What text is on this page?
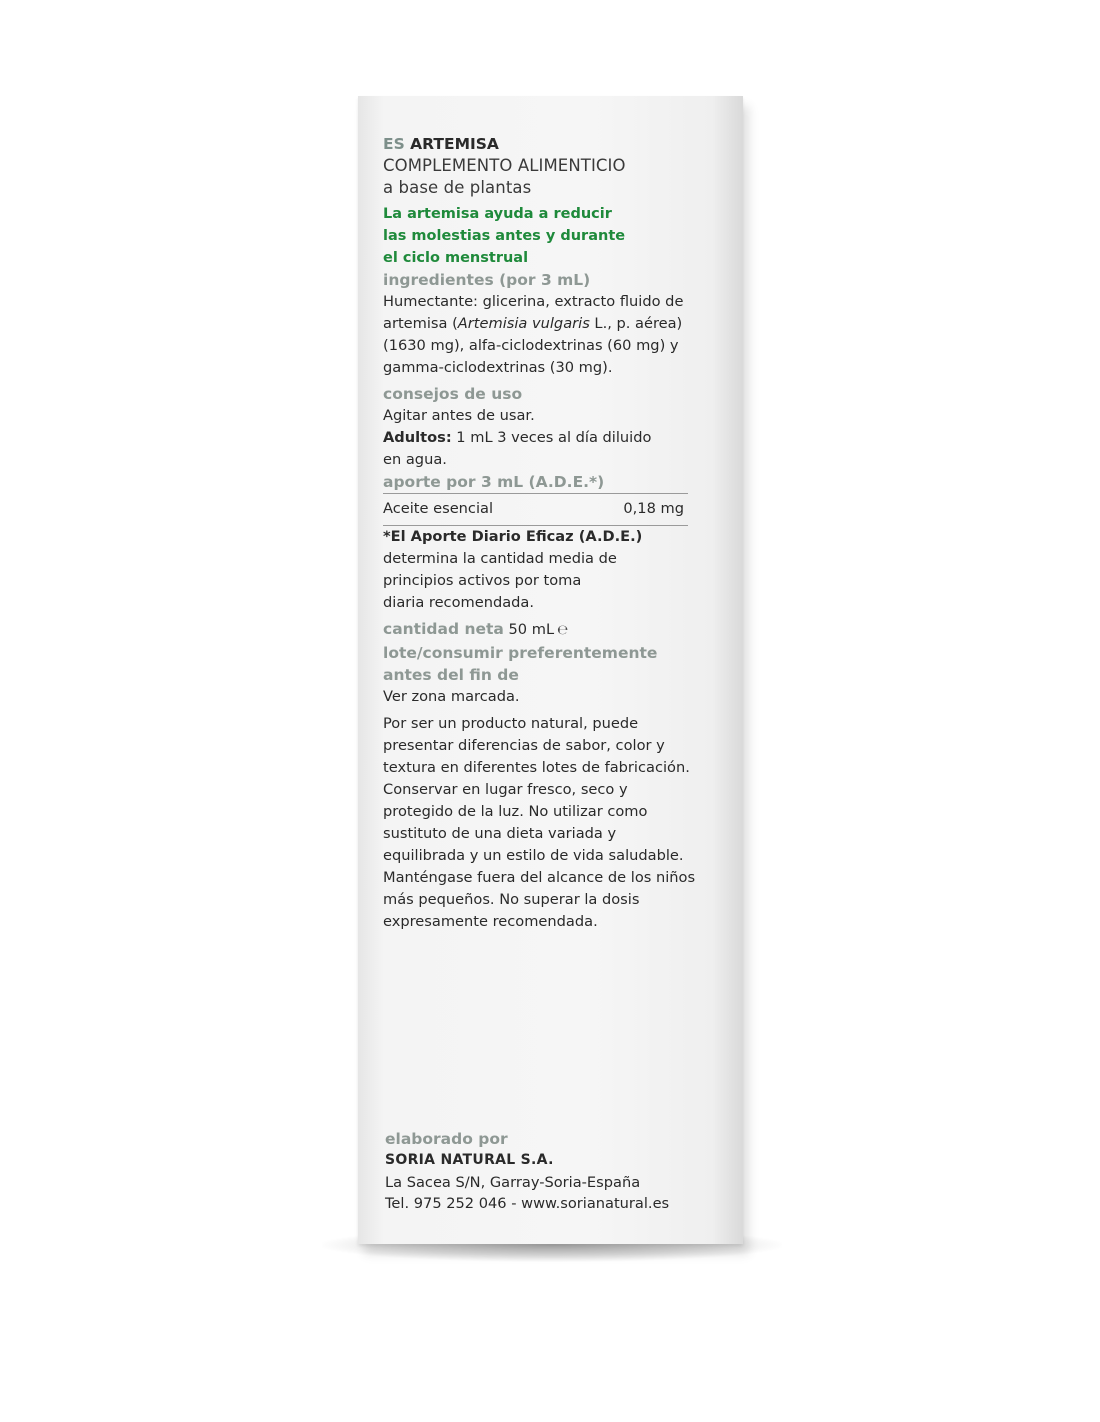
ES ARTEMISA
COMPLEMENTO ALIMENTICIO
a base de plantas
La artemisa ayuda a reducir
las molestias antes y durante
el ciclo menstrual
ingredientes (por 3 mL)
Humectante: glicerina, extracto fluido de
artemisa (Artemisia vulgaris L., p. aérea)
(1630 mg), alfa-ciclodextrinas (60 mg) y
gamma-ciclodextrinas (30 mg).
consejos de uso
Agitar antes de usar.
Adultos: 1 mL 3 veces al día diluido
en agua.
aporte por 3 mL (A.D.E.*)
Aceite esencial	0,18 mg
*El Aporte Diario Eficaz (A.D.E.)
determina la cantidad media de
principios activos por toma
diaria recomendada.
cantidad neta 50 mL ℮
lote/consumir preferentemente
antes del fin de
Ver zona marcada.
Por ser un producto natural, puede
presentar diferencias de sabor, color y
textura en diferentes lotes de fabricación.
Conservar en lugar fresco, seco y
protegido de la luz. No utilizar como
sustituto de una dieta variada y
equilibrada y un estilo de vida saludable.
Manténgase fuera del alcance de los niños
más pequeños. No superar la dosis
expresamente recomendada.
elaborado por
SORIA NATURAL S.A.
La Sacea S/N, Garray-Soria-España
Tel. 975 252 046 - www.sorianatural.es
